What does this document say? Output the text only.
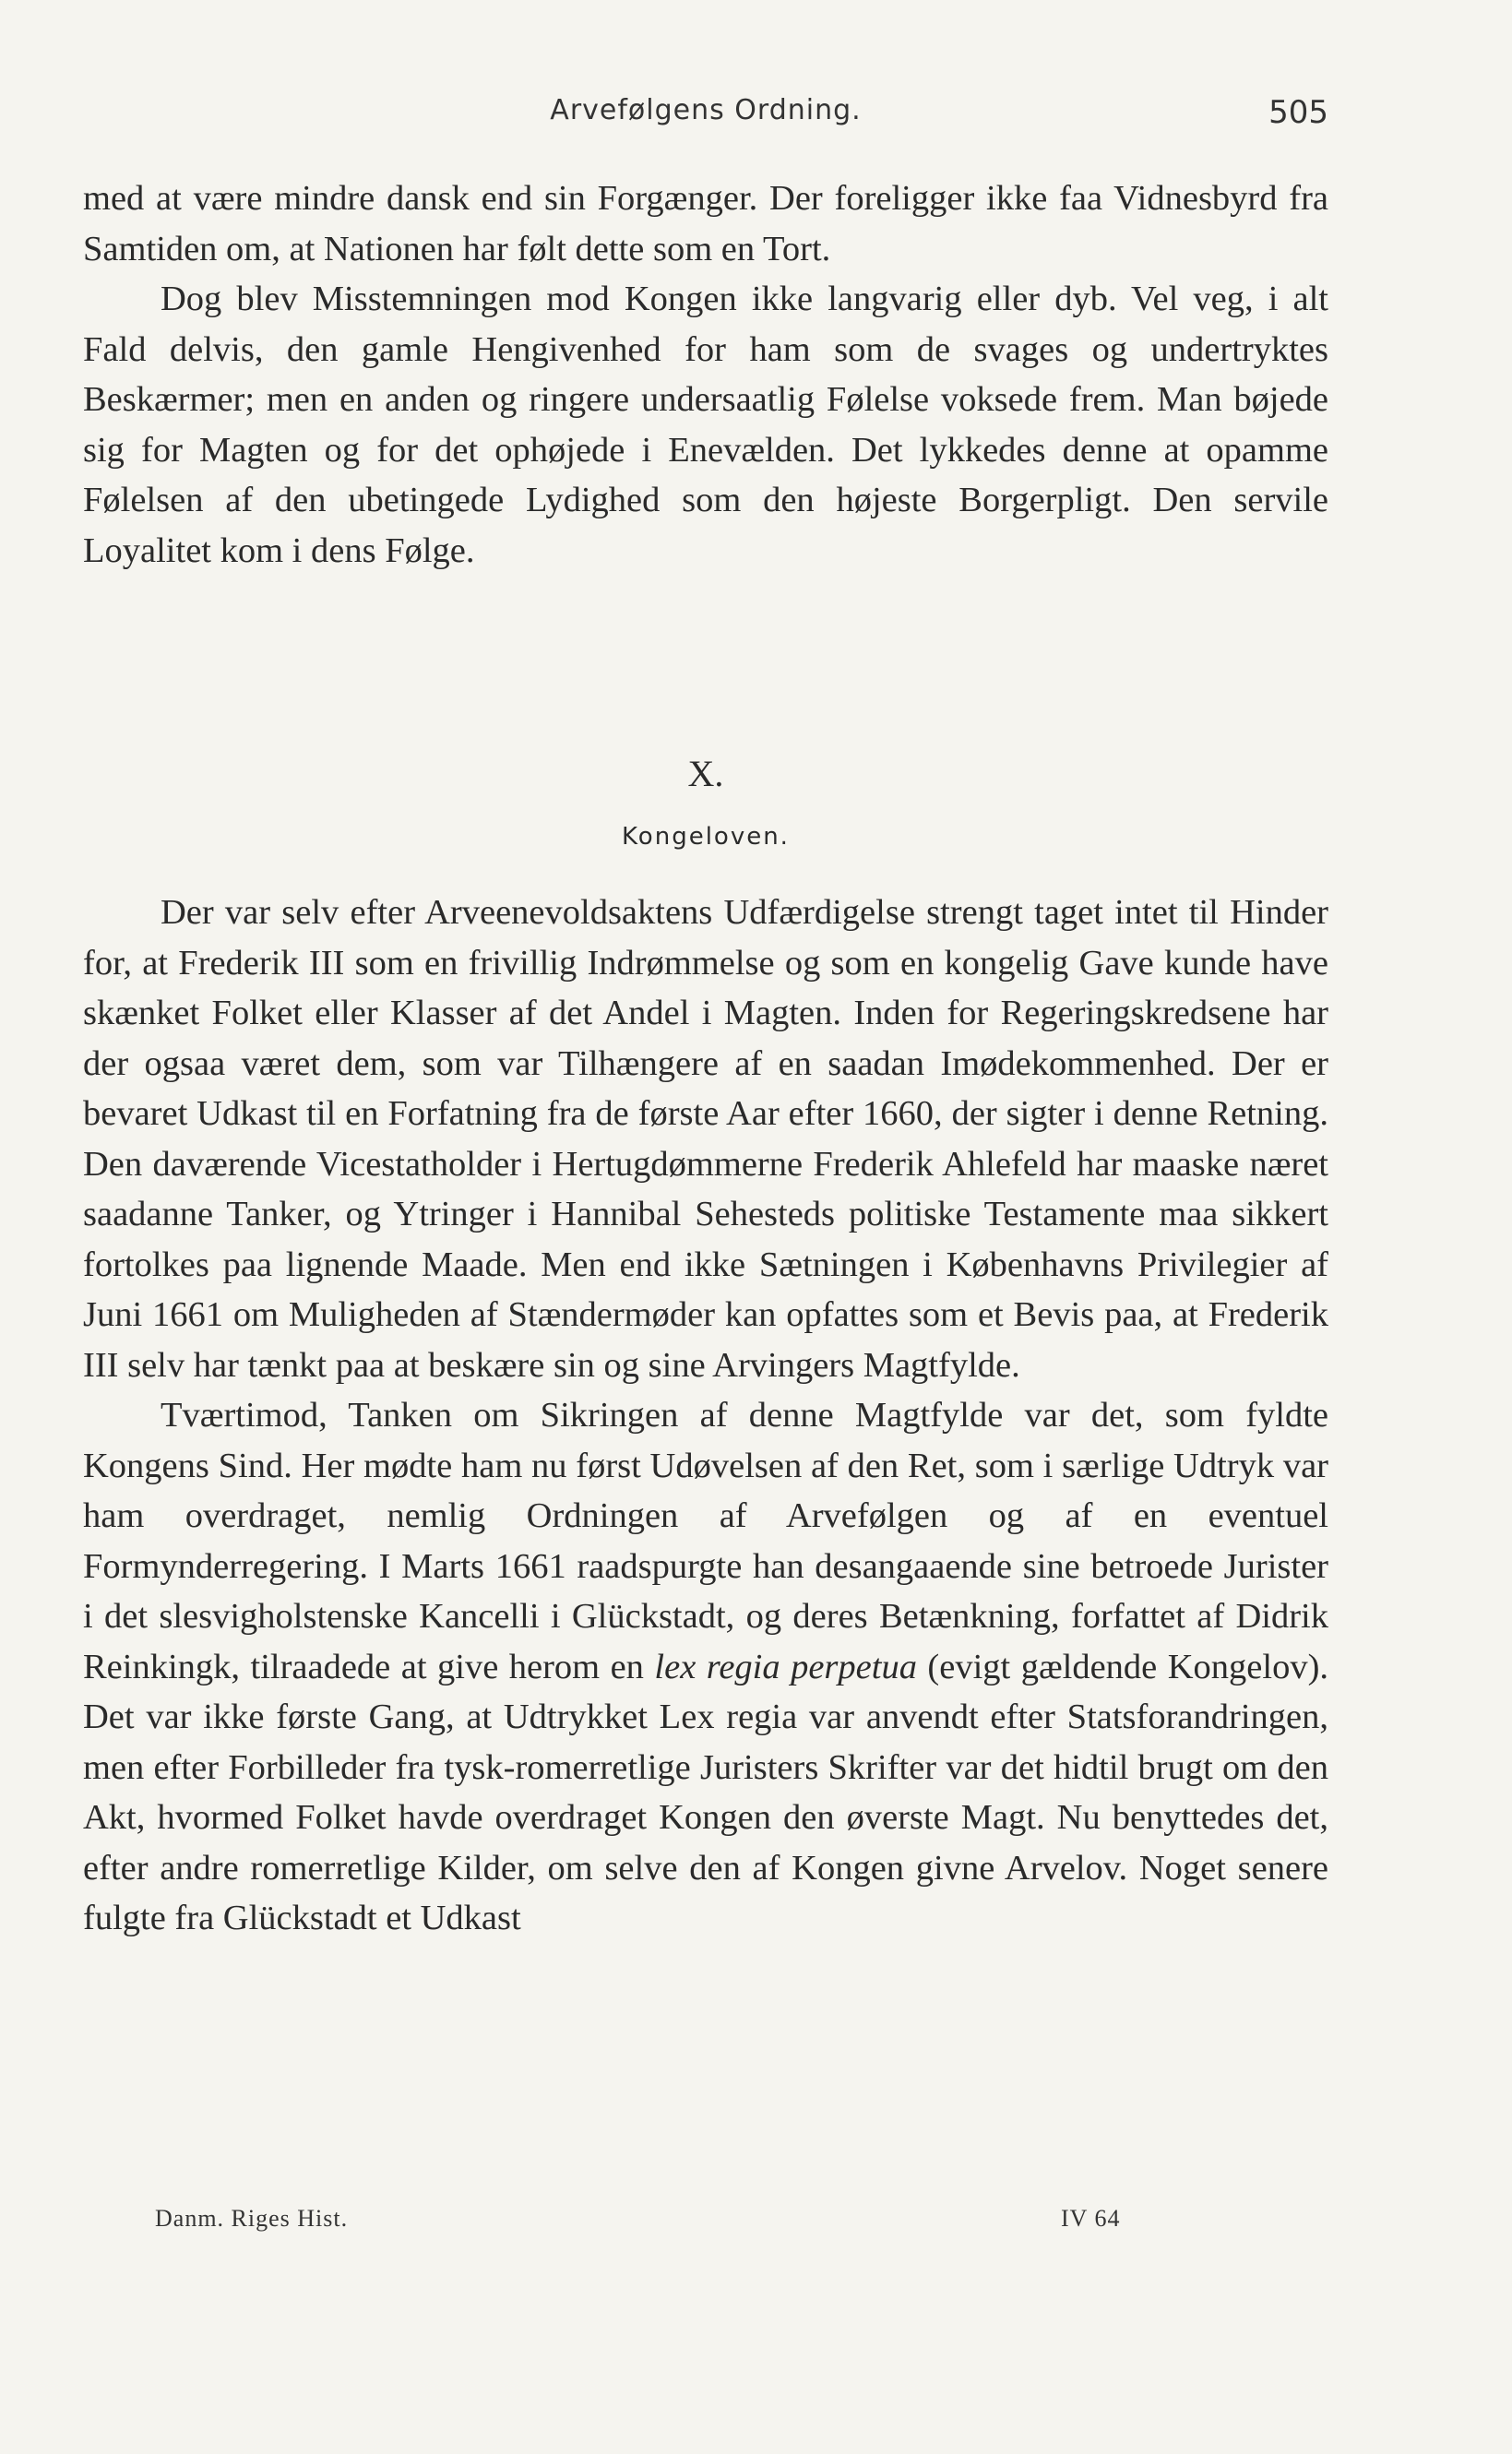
Arvefølgens Ordning.	505

med at være mindre dansk end sin Forgænger. Der foreligger ikke faa Vidnesbyrd fra Samtiden om, at Nationen har følt dette som en Tort.

Dog blev Misstemningen mod Kongen ikke langvarig eller dyb. Vel veg, i alt Fald delvis, den gamle Hengivenhed for ham som de svages og undertryktes Beskærmer; men en anden og ringere undersaatlig Følelse voksede frem. Man bøjede sig for Magten og for det ophøjede i Enevælden. Det lykkedes denne at opamme Følelsen af den ubetingede Lydighed som den højeste Borgerpligt. Den servile Loyalitet kom i dens Følge.

X.
Kongeloven.

Der var selv efter Arveenevoldsaktens Udfærdigelse strengt taget intet til Hinder for, at Frederik III som en frivillig Indrømmelse og som en kongelig Gave kunde have skænket Folket eller Klasser af det Andel i Magten. Inden for Regeringskredsene har der ogsaa været dem, som var Tilhængere af en saadan Imødekommenhed. Der er bevaret Udkast til en Forfatning fra de første Aar efter 1660, der sigter i denne Retning. Den daværende Vicestatholder i Hertugdømmerne Frederik Ahlefeld har maaske næret saadanne Tanker, og Ytringer i Hannibal Sehesteds politiske Testamente maa sikkert fortolkes paa lignende Maade. Men end ikke Sætningen i Københavns Privilegier af Juni 1661 om Muligheden af Stændermøder kan opfattes som et Bevis paa, at Frederik III selv har tænkt paa at beskære sin og sine Arvingers Magtfylde.

Tværtimod, Tanken om Sikringen af denne Magtfylde var det, som fyldte Kongens Sind. Her mødte ham nu først Udøvelsen af den Ret, som i særlige Udtryk var ham overdraget, nemlig Ordningen af Arvefølgen og af en eventuel Formynderregering. I Marts 1661 raadspurgte han desangaaende sine betroede Jurister i det slesvigholstenske Kancelli i Glückstadt, og deres Betænkning, forfattet af Didrik Reinkingk, tilraadede at give herom en lex regia perpetua (evigt gældende Kongelov). Det var ikke første Gang, at Udtrykket Lex regia var anvendt efter Statsforandringen, men efter Forbilleder fra tysk-romerretlige Juristers Skrifter var det hidtil brugt om den Akt, hvormed Folket havde overdraget Kongen den øverste Magt. Nu benyttedes det, efter andre romerretlige Kilder, om selve den af Kongen givne Arvelov. Noget senere fulgte fra Glückstadt et Udkast

Danm. Riges Hist.	IV 64
